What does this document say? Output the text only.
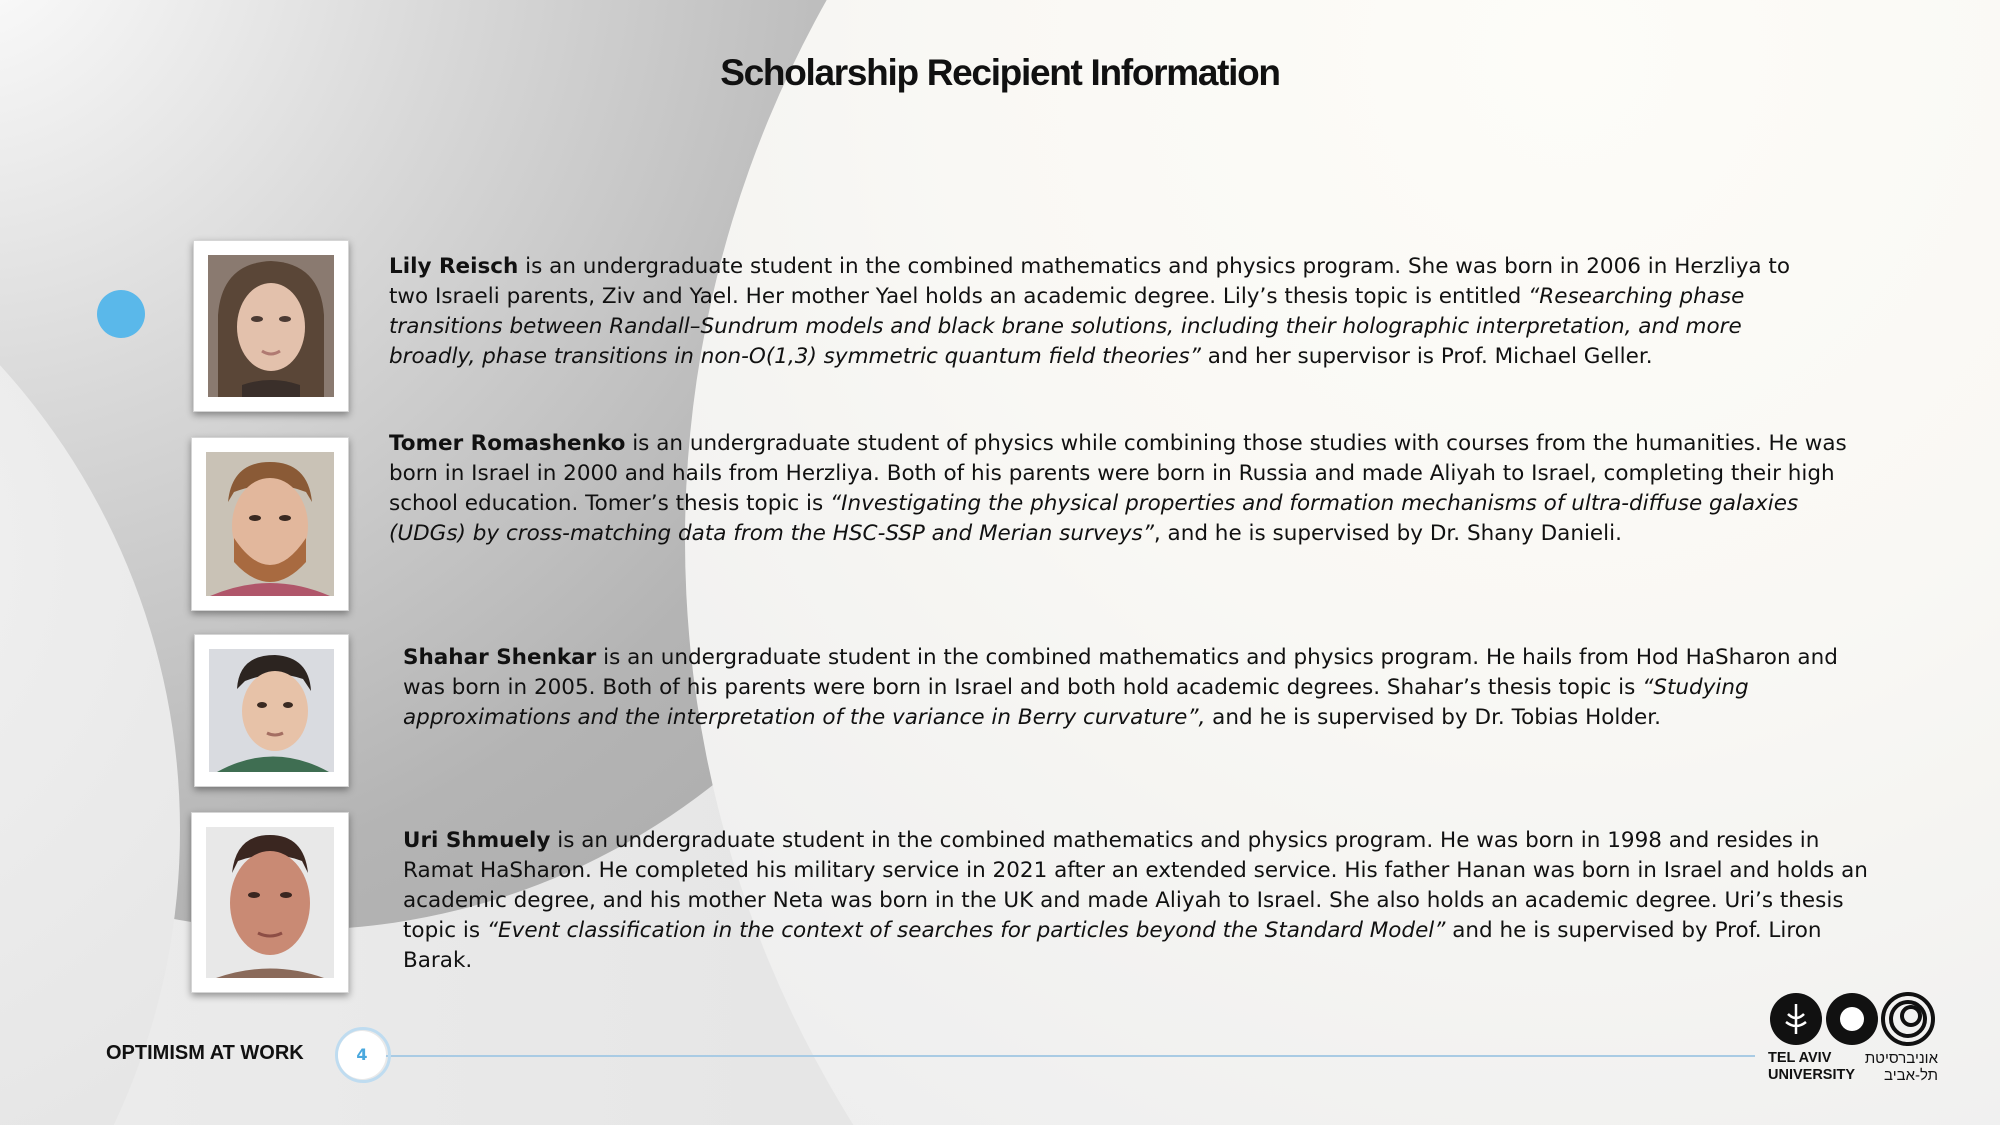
Scholarship Recipient Information
Lily Reisch is an undergraduate student in the combined mathematics and physics program. She was born in 2006 in Herzliya to two Israeli parents, Ziv and Yael. Her mother Yael holds an academic degree. Lily’s thesis topic is entitled “Researching phase transitions between Randall–Sundrum models and black brane solutions, including their holographic interpretation, and more broadly, phase transitions in non-O(1,3) symmetric quantum field theories” and her supervisor is Prof. Michael Geller.
Tomer Romashenko is an undergraduate student of physics while combining those studies with courses from the humanities. He was born in Israel in 2000 and hails from Herzliya. Both of his parents were born in Russia and made Aliyah to Israel, completing their high school education. Tomer’s thesis topic is “Investigating the physical properties and formation mechanisms of ultra-diffuse galaxies (UDGs) by cross-matching data from the HSC-SSP and Merian surveys”, and he is supervised by Dr. Shany Danieli.
Shahar Shenkar is an undergraduate student in the combined mathematics and physics program. He hails from Hod HaSharon and was born in 2005. Both of his parents were born in Israel and both hold academic degrees. Shahar’s thesis topic is “Studying approximations and the interpretation of the variance in Berry curvature”, and he is supervised by Dr. Tobias Holder.
Uri Shmuely is an undergraduate student in the combined mathematics and physics program. He was born in 1998 and resides in Ramat HaSharon. He completed his military service in 2021 after an extended service. His father Hanan was born in Israel and holds an academic degree, and his mother Neta was born in the UK and made Aliyah to Israel. She also holds an academic degree. Uri’s thesis topic is “Event classification in the context of searches for particles beyond the Standard Model” and he is supervised by Prof. Liron Barak.
OPTIMISM AT WORK	4	TEL AVIV
UNIVERSITY
אוניברסיטת
תל‑אביב
